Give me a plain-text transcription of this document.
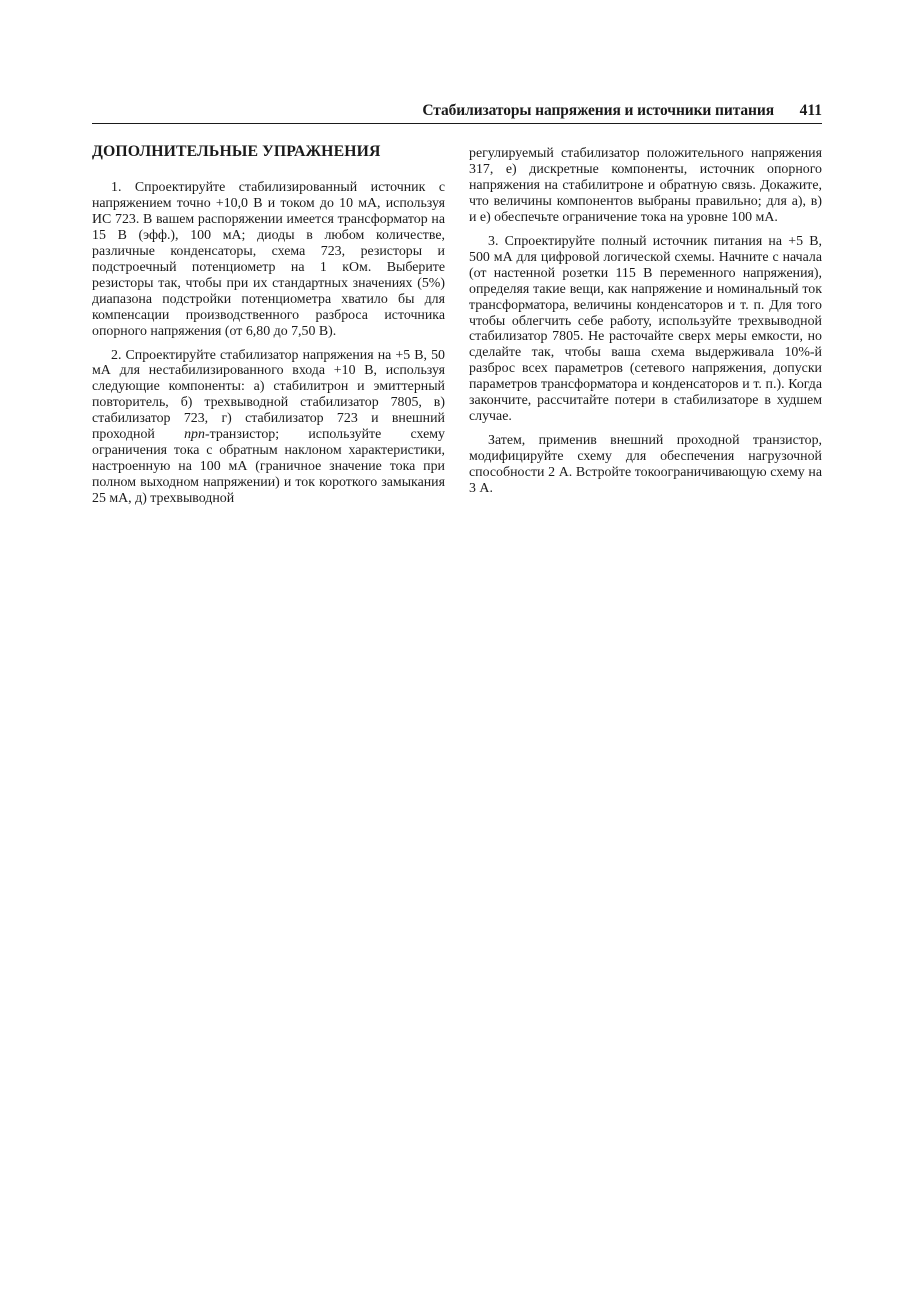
Стабилизаторы напряжения и источники питания 411
ДОПОЛНИТЕЛЬНЫЕ УПРАЖНЕНИЯ

1. Спроектируйте стабилизированный источник с напряжением точно +10,0 В и током до 10 мА, используя ИС 723. В вашем распоряжении имеется трансформатор на 15 В (эфф.), 100 мА; диоды в любом количестве, различные конденсаторы, схема 723, резисторы и подстроечный потенциометр на 1 кОм. Выберите резисторы так, чтобы при их стандартных значениях (5%) диапазона подстройки потенциометра хватило бы для компенсации производственного разброса источника опорного напряжения (от 6,80 до 7,50 В).

2. Спроектируйте стабилизатор напряжения на +5 В, 50 мА для нестабилизированного входа +10 В, используя следующие компоненты: а) стабилитрон и эмиттерный повторитель, б) трехвыводной стабилизатор 7805, в) стабилизатор 723, г) стабилизатор 723 и внешний проходной npn-транзистор; используйте схему ограничения тока с обратным наклоном характеристики, настроенную на 100 мА (граничное значение тока при полном выходном напряжении) и ток короткого замыкания 25 мА, д) трехвыводной

регулируемый стабилизатор положительного напряжения 317, е) дискретные компоненты, источник опорного напряжения на стабилитроне и обратную связь. Докажите, что величины компонентов выбраны правильно; для а), в) и е) обеспечьте ограничение тока на уровне 100 мА.

3. Спроектируйте полный источник питания на +5 В, 500 мА для цифровой логической схемы. Начните с начала (от настенной розетки 115 В переменного напряжения), определяя такие вещи, как напряжение и номинальный ток трансформатора, величины конденсаторов и т. п. Для того чтобы облегчить себе работу, используйте трехвыводной стабилизатор 7805. Не расточайте сверх меры емкости, но сделайте так, чтобы ваша схема выдерживала 10%-й разброс всех параметров (сетевого напряжения, допуски параметров трансформатора и конденсаторов и т. п.). Когда закончите, рассчитайте потери в стабилизаторе в худшем случае.

Затем, применив внешний проходной транзистор, модифицируйте схему для обеспечения нагрузочной способности 2 А. Встройте токоограничивающую схему на 3 А.
